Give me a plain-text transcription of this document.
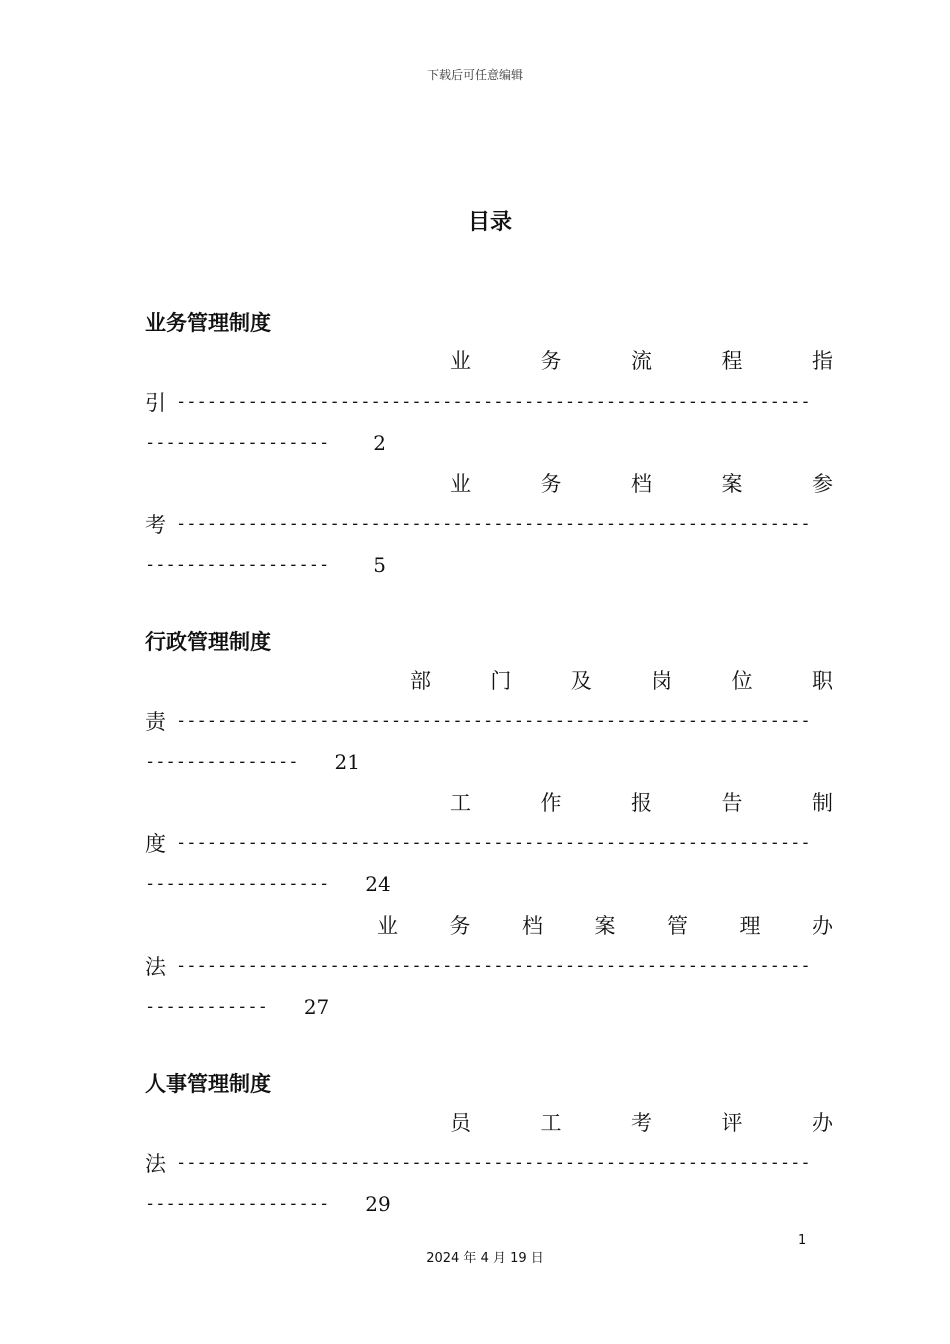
下载后可任意编辑
目录
业务管理制度
业	务	流	程	指
引 --------------------------------------------------------------
------------------ 2
业	务	档	案	参
考 --------------------------------------------------------------
------------------ 5
行政管理制度
部	门	及	岗	位	职
责 --------------------------------------------------------------
--------------- 21
工	作	报	告	制
度 --------------------------------------------------------------
------------------ 24
业 务 档 案 管 理 办
法 --------------------------------------------------------------
------------ 27
人事管理制度
员	工	考	评	办
法 --------------------------------------------------------------
------------------ 29
1
2024 年 4 月 19 日
